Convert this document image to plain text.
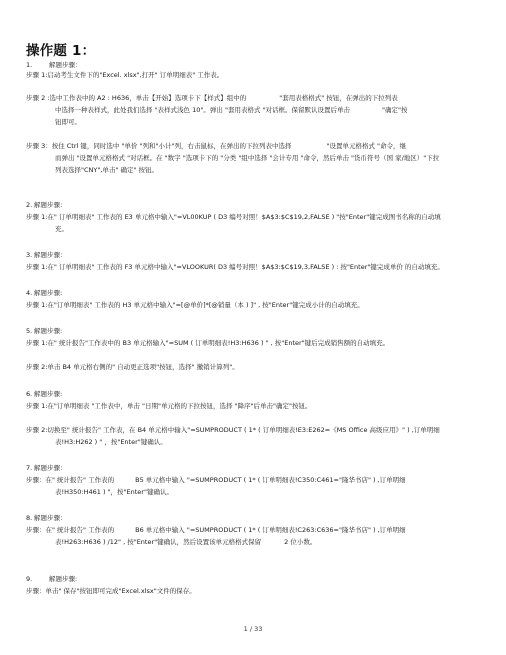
操作题 1：
1.	解题步骤：
步骤 1:启动考生文件下的"Excel. xlsx",打开" 订单明细表" 工作表。
步骤 2 :选中工作表中的 A2 : H636，单击【开始】选项卡下【样式】组中的	"套用表格格式" 按钮，在弹出的下拉列表
中选择一种表样式，此处我们选择 "表样式浅色 10"。弹出 "套用表格式 "对话框。保留默认设置后单击	"确定"按
钮即可。
步骤 3：按住 Ctrl 键，同时选中 "单价 "列和"小计"列，右击鼠标，在弹出的下拉列表中选择	"设置单元格格式 "命令，继
而弹出 "设置单元格格式 "对话框。在 "数字 "选项卡下的 "分类 "组中选择 "会计专用 "命令，然后单击 "货币符号（国 家/地区）"下拉
列表选择"CNY",单击" 确定" 按钮。
2. 解题步骤：
步骤 1:在" 订单明细表" 工作表的 E3 单元格中输入"=VL00KUP ( D3 编号对照！$A$3:$C$19,2,FALSE ) "按"Enter"键完成图书名称的自动填
充。
3. 解题步骤：
步骤 1:在" 订单明细表" 工作表的 F3 单元格中输入"=VLOOKUR( D3 编号对照！$A$3:$C$19,3,FALSE ) : 按"Enter"键完成单价 的自动填充。
4. 解题步骤:
步骤 1:在"订单明细表" 工作表的 H3 单元格中输入"=[@单价]*[@销量（本 ) ]" , 按"Enter"键完成小计的自动填充。
5. 解题步骤:
步骤 1:在" 统计报告"工作表中的 B3 单元格输入"=SUM ( 订单明细表!H3:H636 ) " , 按"Enter"键后完成销售额的自动填充。
步骤 2:单击 B4 单元格右侧的" 自动更正选项"按钮，选择" 撤销计算列"。
6. 解题步骤:
步骤 1:在"订单明细表 "工作表中，单击 "日期"单元格的下拉按钮，选择 "降序"后单击"确定"按钮。
步骤 2:切换至" 统计报告" 工作表，在 B4 单元格中输入"=SUMPRODUCT ( 1* ( 订单明细表!E3:E262=《MS Office 高级应用》" ) ,订单明细
表!H3:H262 ) " ，按"Enter"键确认。
7. 解题步骤：
步骤：在" 统计报告" 工作表的	B5 单元格中输入 "=SUMPRODUCT ( 1* ( 订单明细表!C350:C461="隆华书店" ) ,订单明细
表!H350:H461 ) "，按"Enter"键确认。
8. 解题步骤：
步骤：在" 统计报告" 工作表的	B6 单元格中输入 "=SUMPRODUCT ( 1* ( 订单明细表!C263:C636="隆华书店" ) ,订单明细
表!H263:H636 ) /12" , 按"Enter"键确认，然后设置该单元格格式保留	2 位小数。
9.	解题步骤:
步骤：单击" 保存"按钮即可完成"Excel.xlsx"文件的保存。
1 / 33
